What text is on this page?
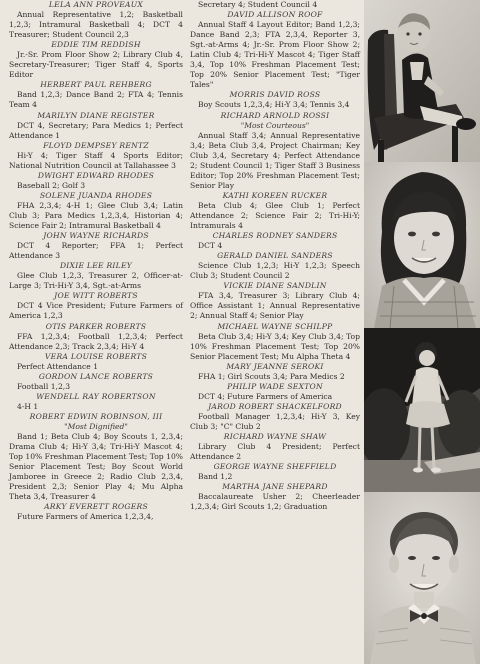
LELA ANN PROVEAUX
Annual Representative 1,2; Basketball 1,2,3; Intramural Basketball 4; DCT 4 Treasurer; Student Council 2,3
EDDIE TIM REDDISH
Jr.-Sr. Prom Floor Show 2; Library Club 4, Secretary-Treasurer; Tiger Staff 4, Sports Editor
HERBERT PAUL REHBERG
Band 1,2,3; Dance Band 2; FTA 4; Tennis Team 4
MARILYN DIANE REGISTER
DCT 4, Secretary; Para Medics 1; Perfect Attendance 1
FLOYD DEMPSEY RENTZ
Hi-Y 4; Tiger Staff 4 Sports Editor; National Nutrition Council at Tallahassee 3
DWIGHT EDWARD RHODES
Baseball 2; Golf 3
SOLENE JUANDA RHODES
FHA 2,3,4; 4-H 1; Glee Club 3,4; Latin Club 3; Para Medics 1,2,3,4, Historian 4; Science Fair 2; Intramural Basketball 4
JOHN WAYNE RICHARDS
DCT 4 Reporter; FFA 1; Perfect Attendance 3
DIXIE LEE RILEY
Glee Club 1,2,3, Treasurer 2, Officer-at-Large 3; Tri-Hi-Y 3,4, Sgt.-at-Arms
JOE WITT ROBERTS
DCT 4 Vice President; Future Farmers of America 1,2,3
OTIS PARKER ROBERTS
FFA 1,2,3,4; Football 1,2,3,4; Perfect Attendance 2,3; Track 2,3,4; Hi-Y 4
VERA LOUISE ROBERTS
Perfect Attendance 1
GORDON LANCE ROBERTS
Football 1,2,3
WENDELL RAY ROBERTSON
4-H 1
ROBERT EDWIN ROBINSON, III
"Most Dignified"
Band 1; Beta Club 4; Boy Scouts 1, 2,3,4; Drama Club 4; Hi-Y 3,4; Tri-Hi-Y Mascot 4; Top 10% Freshman Placement Test; Top 10% Senior Placement Test; Boy Scout World Jamboree in Greece 2; Radio Club 2,3,4, President 2,3; Senior Play 4; Mu Alpha Theta 3,4, Treasurer 4
ARKY EVERETT ROGERS
Future Farmers of America 1,2,3,4,
Secretary 4; Student Council 4
DAVID ALLISON ROOF
Annual Staff 4 Layout Editor; Band 1,2,3; Dance Band 2,3; FTA 2,3,4, Reporter 3, Sgt.-at-Arms 4; Jr.-Sr. Prom Floor Show 2; Latin Club 4; Tri-Hi-Y Mascot 4; Tiger Staff 3,4, Top 10% Freshman Placement Test; Top 20% Senior Placement Test; "Tiger Tales"
MORRIS DAVID ROSS
Boy Scouts 1,2,3,4; Hi-Y 3,4; Tennis 3,4
RICHARD ARNOLD ROSSI
"Most Courteous"
Annual Staff 3,4; Annual Representative 3,4; Beta Club 3,4, Project Chairman; Key Club 3,4, Secretary 4; Perfect Attendance 2; Student Council 1; Tiger Staff 3 Business Editor; Top 20% Freshman Placement Test; Senior Play
KATHI KOREEN RUCKER
Beta Club 4; Glee Club 1; Perfect Attendance 2; Science Fair 2; Tri-Hi-Y; Intramurals 4
CHARLES RODNEY SANDERS
DCT 4
GERALD DANIEL SANDERS
Science Club 1,2,3; Hi-Y 1,2,3; Speech Club 3; Student Council 2
VICKIE DIANE SANDLIN
FTA 3,4, Treasurer 3; Library Club 4; Office Assistant 1; Annual Representative 2; Annual Staff 4; Senior Play
MICHAEL WAYNE SCHILPP
Beta Club 3,4; Hi-Y 3,4; Key Club 3,4; Top 10% Freshman Placement Test; Top 20% Senior Placement Test; Mu Alpha Theta 4
MARY JEANNE SEROKI
FHA 1; Girl Scouts 3,4; Para Medics 2
PHILIP WADE SEXTON
DCT 4; Future Farmers of America
JAROD ROBERT SHACKELFORD
Football Manager 1,2,3,4; Hi-Y 3, Key Club 3; "C" Club 2
RICHARD WAYNE SHAW
Library Club 4 President; Perfect Attendance 2
GEORGE WAYNE SHEFFIELD
Band 1,2
MARTHA JANE SHEPARD
Baccalaureate Usher 2; Cheerleader 1,2,3,4; Girl Scouts 1,2; Graduation
